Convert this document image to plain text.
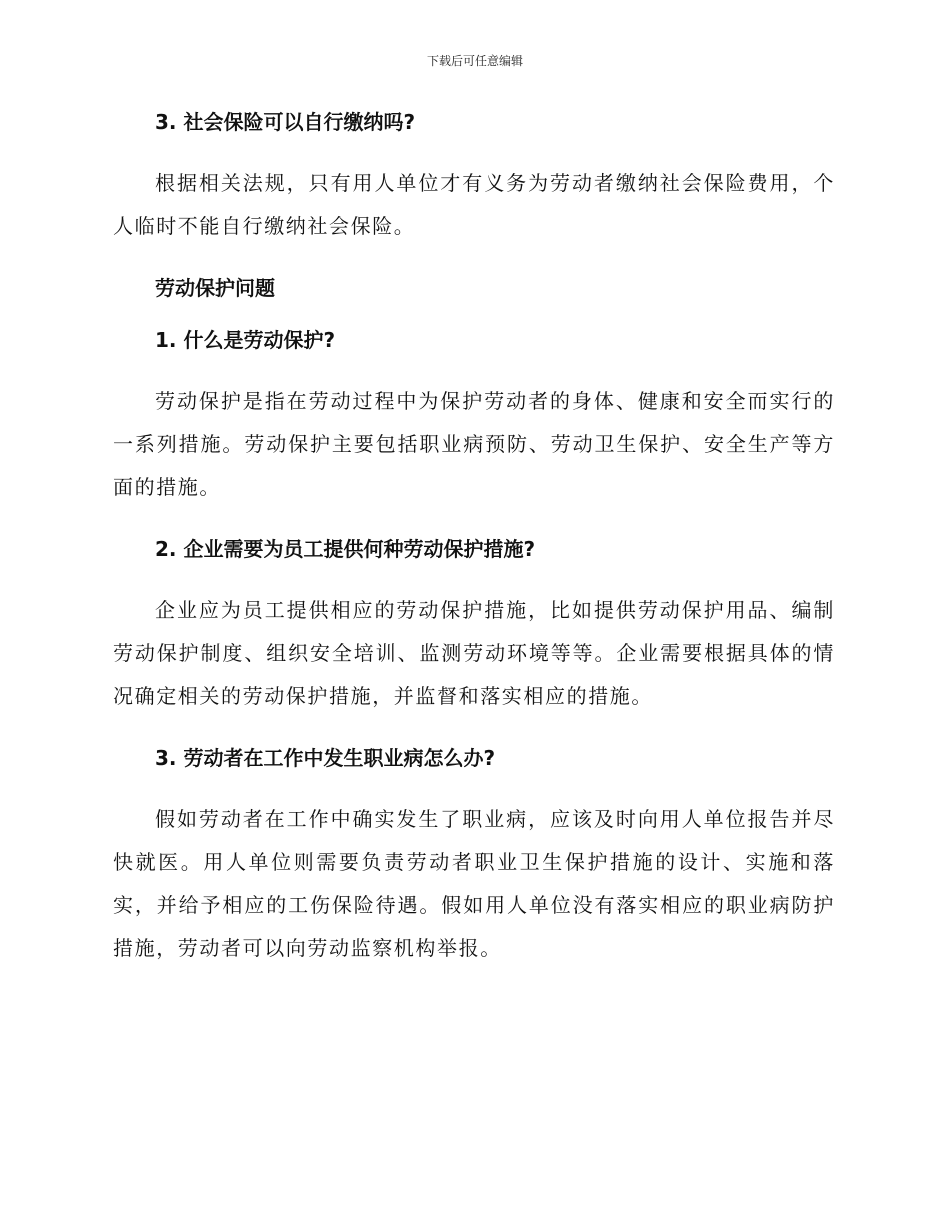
下载后可任意编辑

3. 社会保险可以自行缴纳吗?

根据相关法规，只有用人单位才有义务为劳动者缴纳社会保险费用，个人临时不能自行缴纳社会保险。

劳动保护问题

1. 什么是劳动保护?

劳动保护是指在劳动过程中为保护劳动者的身体、健康和安全而实行的一系列措施。劳动保护主要包括职业病预防、劳动卫生保护、安全生产等方面的措施。

2. 企业需要为员工提供何种劳动保护措施?

企业应为员工提供相应的劳动保护措施，比如提供劳动保护用品、编制劳动保护制度、组织安全培训、监测劳动环境等等。企业需要根据具体的情况确定相关的劳动保护措施，并监督和落实相应的措施。

3. 劳动者在工作中发生职业病怎么办?

假如劳动者在工作中确实发生了职业病，应该及时向用人单位报告并尽快就医。用人单位则需要负责劳动者职业卫生保护措施的设计、实施和落实，并给予相应的工伤保险待遇。假如用人单位没有落实相应的职业病防护措施，劳动者可以向劳动监察机构举报。
